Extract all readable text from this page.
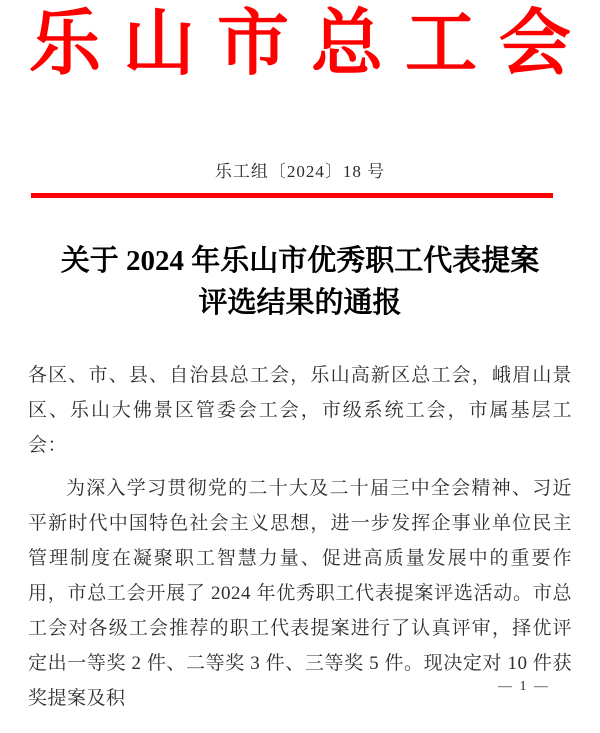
乐 山 市 总 工 会
乐工组〔2024〕18 号
关于 2024 年乐山市优秀职工代表提案
评选结果的通报

各区、市、县、自治县总工会，乐山高新区总工会，峨眉山景区、乐山大佛景区管委会工会，市级系统工会，市属基层工会：

为深入学习贯彻党的二十大及二十届三中全会精神、习近平新时代中国特色社会主义思想，进一步发挥企事业单位民主管理制度在凝聚职工智慧力量、促进高质量发展中的重要作用，市总工会开展了 2024 年优秀职工代表提案评选活动。市总工会对各级工会推荐的职工代表提案进行了认真评审，择优评定出一等奖 2 件、二等奖 3 件、三等奖 5 件。现决定对 10 件获奖提案及积

— 1 —
